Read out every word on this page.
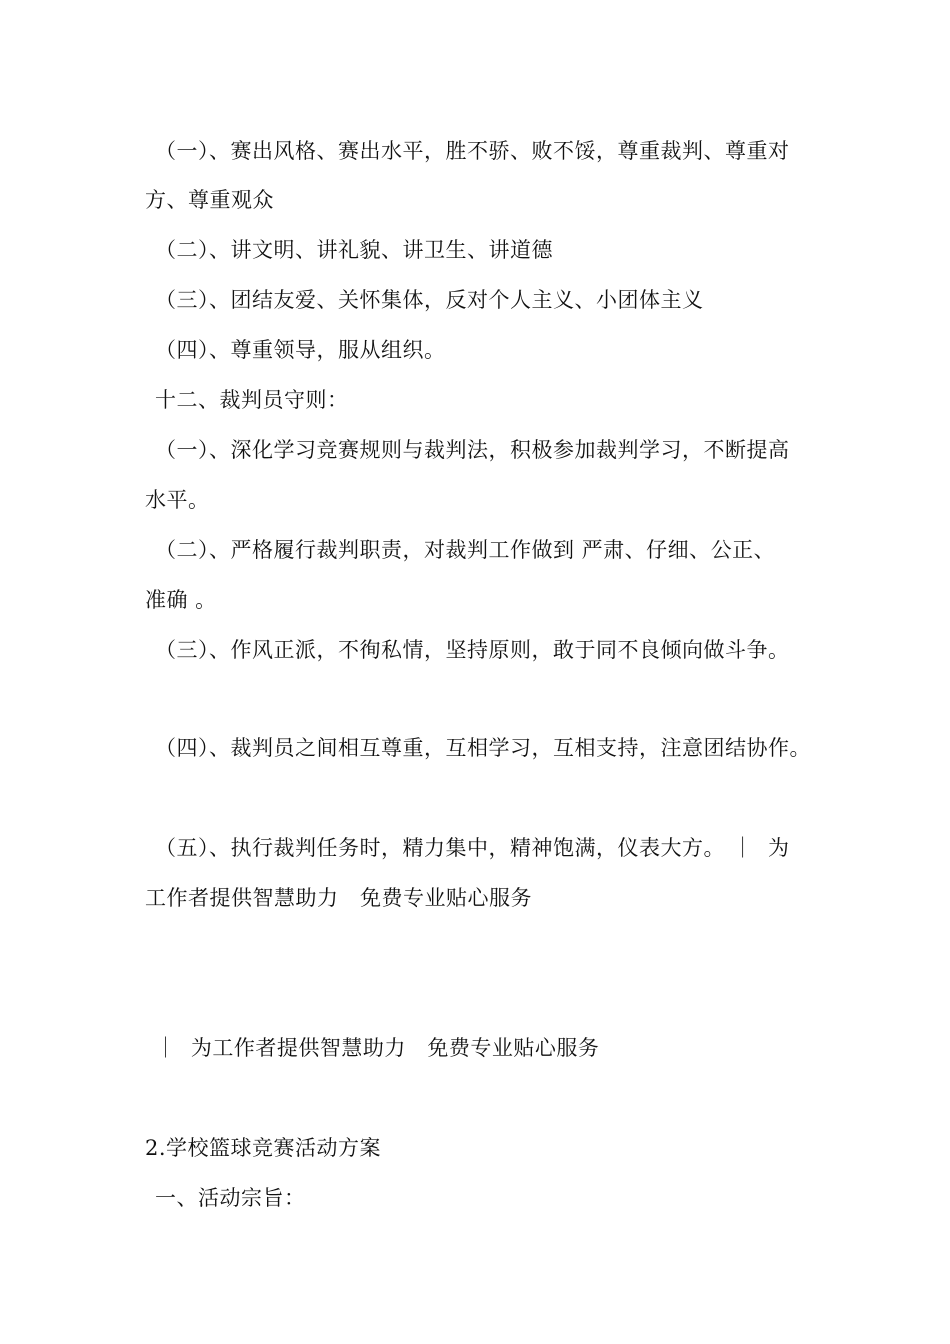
（一）、赛出风格、赛出水平，胜不骄、败不馁，尊重裁判、尊重对
方、尊重观众
（二）、讲文明、讲礼貌、讲卫生、讲道德
（三）、团结友爱、关怀集体，反对个人主义、小团体主义
（四）、尊重领导，服从组织。
十二、裁判员守则：
（一）、深化学习竞赛规则与裁判法，积极参加裁判学习，不断提高
水平。
（二）、严格履行裁判职责，对裁判工作做到 严肃、仔细、公正、
准确 。
（三）、作风正派，不徇私情，坚持原则，敢于同不良倾向做斗争。
（四）、裁判员之间相互尊重，互相学习，互相支持，注意团结协作。
（五）、执行裁判任务时，精力集中，精神饱满，仪表大方。 ｜  为
工作者提供智慧助力   免费专业贴心服务
｜  为工作者提供智慧助力   免费专业贴心服务
2.学校篮球竞赛活动方案
一、活动宗旨：
